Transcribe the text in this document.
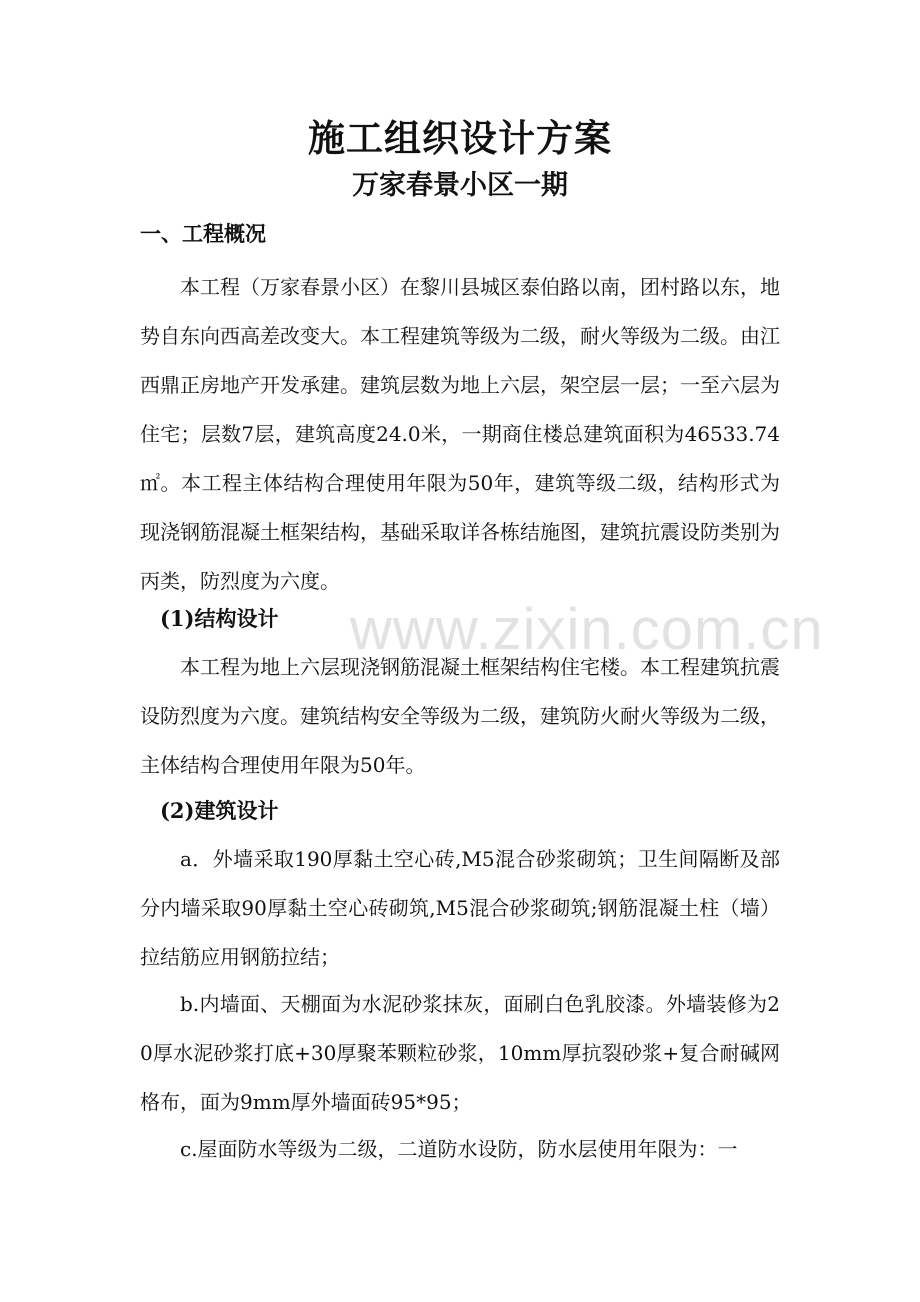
施工组织设计方案
万家春景小区一期
一、工程概况
本工程（万家春景小区）在黎川县城区泰伯路以南，团村路以东，地势自东向西高差改变大。本工程建筑等级为二级，耐火等级为二级。由江西鼎正房地产开发承建。建筑层数为地上六层，架空层一层；一至六层为住宅；层数7层，建筑高度24.0米，一期商住楼总建筑面积为46533.74㎡。本工程主体结构合理使用年限为50年，建筑等级二级，结构形式为现浇钢筋混凝土框架结构，基础采取详各栋结施图，建筑抗震设防类别为丙类，防烈度为六度。
(1)结构设计
本工程为地上六层现浇钢筋混凝土框架结构住宅楼。本工程建筑抗震设防烈度为六度。建筑结构安全等级为二级，建筑防火耐火等级为二级，主体结构合理使用年限为50年。
(2)建筑设计
a．外墙采取190厚黏土空心砖,M5混合砂浆砌筑；卫生间隔断及部分内墙采取90厚黏土空心砖砌筑,M5混合砂浆砌筑;钢筋混凝土柱（墙）拉结筋应用钢筋拉结；
b.内墙面、天棚面为水泥砂浆抹灰，面刷白色乳胶漆。外墙装修为20厚水泥砂浆打底+30厚聚苯颗粒砂浆，10mm厚抗裂砂浆+复合耐碱网格布，面为9mm厚外墙面砖95*95；
c.屋面防水等级为二级，二道防水设防，防水层使用年限为：一
www.zixin.com.cn
